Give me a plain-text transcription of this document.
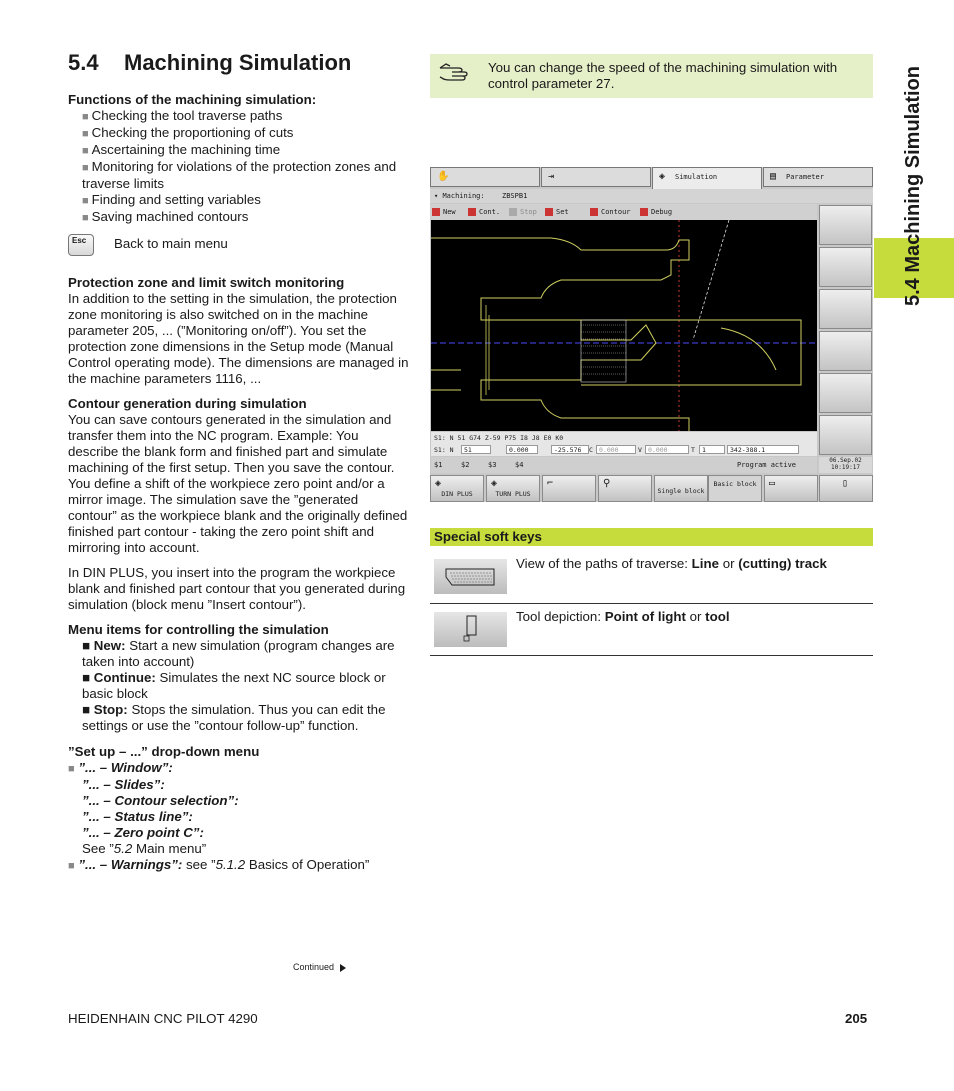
5.4 Machining Simulation
Functions of the machining simulation:
■ Checking the tool traverse paths
■ Checking the proportioning of cuts
■ Ascertaining the machining time
■ Monitoring for violations of the protection zones and traverse limits
■ Finding and setting variables
■ Saving machined contours
Esc	Back to main menu
Protection zone and limit switch monitoring

In addition to the setting in the simulation, the protection zone monitoring is also switched on in the machine parameter 205, ... (”Monitoring on/off”). You set the protection zone dimensions in the Setup mode (Manual Control operating mode). The dimensions are managed in the machine parameters 1116, ...

Contour generation during simulation

You can save contours generated in the simulation and transfer them into the NC program. Example: You describe the blank form and finished part and simulate machining of the first setup. Then you save the contour. You define a shift of the workpiece zero point and/or a mirror image. The simulation save the ”generated contour” as the workpiece blank and the originally defined finished part contour - taking the zero point shift and mirroring into account.

In DIN PLUS, you insert into the program the workpiece blank and finished part contour that you generated during simulation (block menu ”Insert contour”).

Menu items for controlling the simulation
■ New: Start a new simulation (program changes are taken into account)
■ Continue: Simulates the next NC source block or basic block
■ Stop: Stops the simulation. Thus you can edit the settings or use the ”contour follow-up” function.
”Set up – ...” drop-down menu
■ ”... – Window”:
”... – Slides”:
”... – Contour selection”:
”... – Status line”:
”... – Zero point C”:
See ”5.2 Main menu”
■ ”... – Warnings”: see ”5.1.2 Basics of Operation”
You can change the speed of the machining simulation with control parameter 27.
✋	⇥	◈ Simulation	▤ Parameter
▾ Machining: ZBSPB1
New	Cont.	Stop	Set	Contour	Debug
S1: N 51 G74 Z-59 P75 I8 J8 E0 K0
S1: N	51	0.000	-25.576	C 0.000	V 0.000	T	1	342-388.1
$1	$2	$3	$4	Program active
06.Sep.02
10:19:17
◈
DIN PLUS
◈
TURN PLUS
⌐	⚲
Single block
Basic block	▭	▯
Special soft keys
View of the paths of traverse: Line or (cutting) track
Tool depiction: Point of light or tool
5.4 Machining Simulation
Continued
HEIDENHAIN CNC PILOT 4290	205
